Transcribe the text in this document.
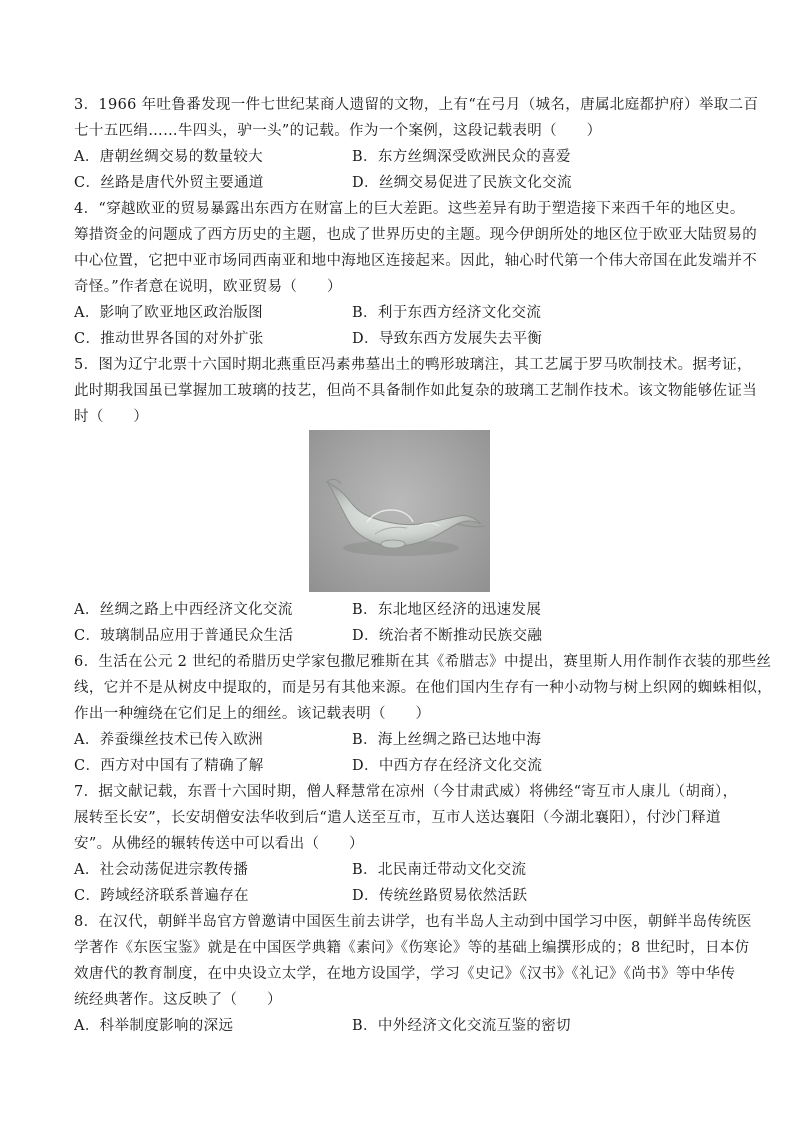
3．1966 年吐鲁番发现一件七世纪某商人遗留的文物，上有“在弓月（城名，唐属北庭都护府）举取二百
七十五匹绢……牛四头，驴一头”的记载。作为一个案例，这段记载表明（　　）
A．唐朝丝绸交易的数量较大	B．东方丝绸深受欧洲民众的喜爱
C．丝路是唐代外贸主要通道	D．丝绸交易促进了民族文化交流
4．“穿越欧亚的贸易暴露出东西方在财富上的巨大差距。这些差异有助于塑造接下来西千年的地区史。
筹措资金的问题成了西方历史的主题，也成了世界历史的主题。现今伊朗所处的地区位于欧亚大陆贸易的
中心位置，它把中亚市场同西南亚和地中海地区连接起来。因此，轴心时代第一个伟大帝国在此发端并不
奇怪。”作者意在说明，欧亚贸易（　　）
A．影响了欧亚地区政治版图	B．利于东西方经济文化交流
C．推动世界各国的对外扩张	D．导致东西方发展失去平衡
5．图为辽宁北票十六国时期北燕重臣冯素弗墓出土的鸭形玻璃注，其工艺属于罗马吹制技术。据考证，
此时期我国虽已掌握加工玻璃的技艺，但尚不具备制作如此复杂的玻璃工艺制作技术。该文物能够佐证当
时（　　）
A．丝绸之路上中西经济文化交流	B．东北地区经济的迅速发展
C．玻璃制品应用于普通民众生活	D．统治者不断推动民族交融
6．生活在公元 2 世纪的希腊历史学家包撒尼雅斯在其《希腊志》中提出，赛里斯人用作制作衣装的那些丝
线，它并不是从树皮中提取的，而是另有其他来源。在他们国内生存有一种小动物与树上织网的蜘蛛相似，
作出一种缠绕在它们足上的细丝。该记载表明（　　）
A．养蚕缫丝技术已传入欧洲	B．海上丝绸之路已达地中海
C．西方对中国有了精确了解	D．中西方存在经济文化交流
7．据文献记载，东晋十六国时期，僧人释慧常在凉州（今甘肃武威）将佛经“寄互市人康儿（胡商），
展转至长安”，长安胡僧安法华收到后“遣人送至互市，互市人送达襄阳（今湖北襄阳），付沙门释道
安”。从佛经的辗转传送中可以看出（　　）
A．社会动荡促进宗教传播	B．北民南迁带动文化交流
C．跨域经济联系普遍存在	D．传统丝路贸易依然活跃
8．在汉代，朝鲜半岛官方曾邀请中国医生前去讲学，也有半岛人主动到中国学习中医，朝鲜半岛传统医
学著作《东医宝鉴》就是在中国医学典籍《素问》《伤寒论》等的基础上编撰形成的；8 世纪时，日本仿
效唐代的教育制度，在中央设立太学，在地方设国学，学习《史记》《汉书》《礼记》《尚书》等中华传
统经典著作。这反映了（　　）
A．科举制度影响的深远	B．中外经济文化交流互鉴的密切
